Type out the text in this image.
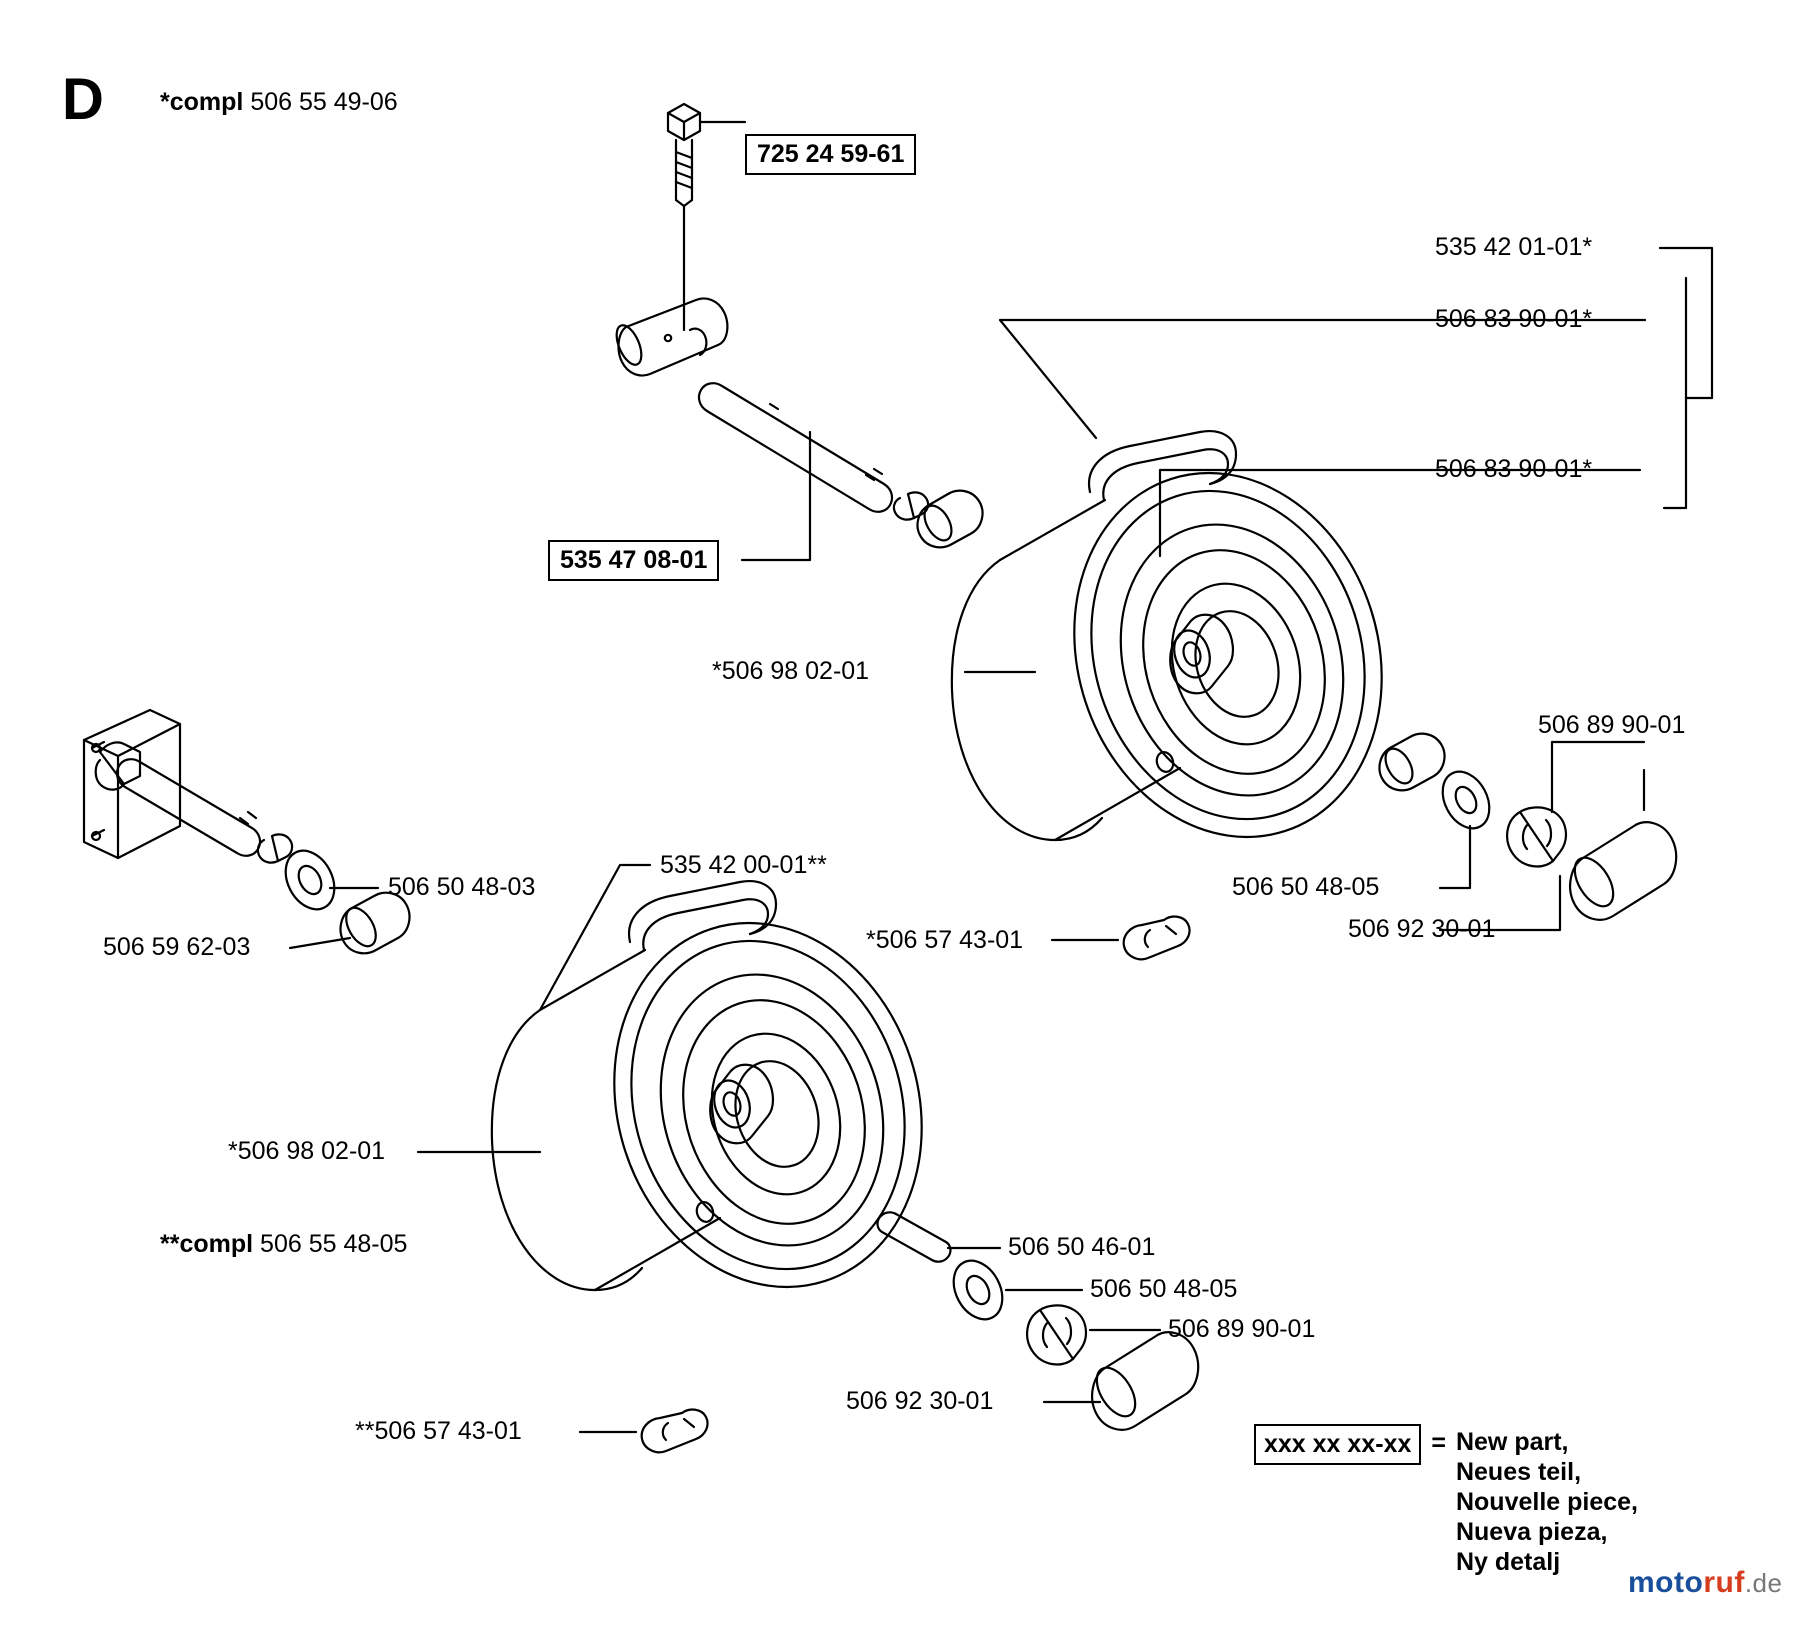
D *compl 506 55 49-06
**compl 506 55 48-05
725 24 59-61
535 47 08-01
535 42 01-01*
506 83 90-01*
506 83 90-01*
*506 98 02-01
506 89 90-01
506 50 48-05
506 92 30-01
535 42 00-01**
*506 57 43-01
506 50 48-03
506 59 62-03
*506 98 02-01
506 50 46-01
506 50 48-05
506 89 90-01
506 92 30-01
**506 57 43-01	xxx xx xx-xx = New part,
Neues teil,
Nouvelle piece,
Nueva pieza,
Ny detalj
motoruf.de
